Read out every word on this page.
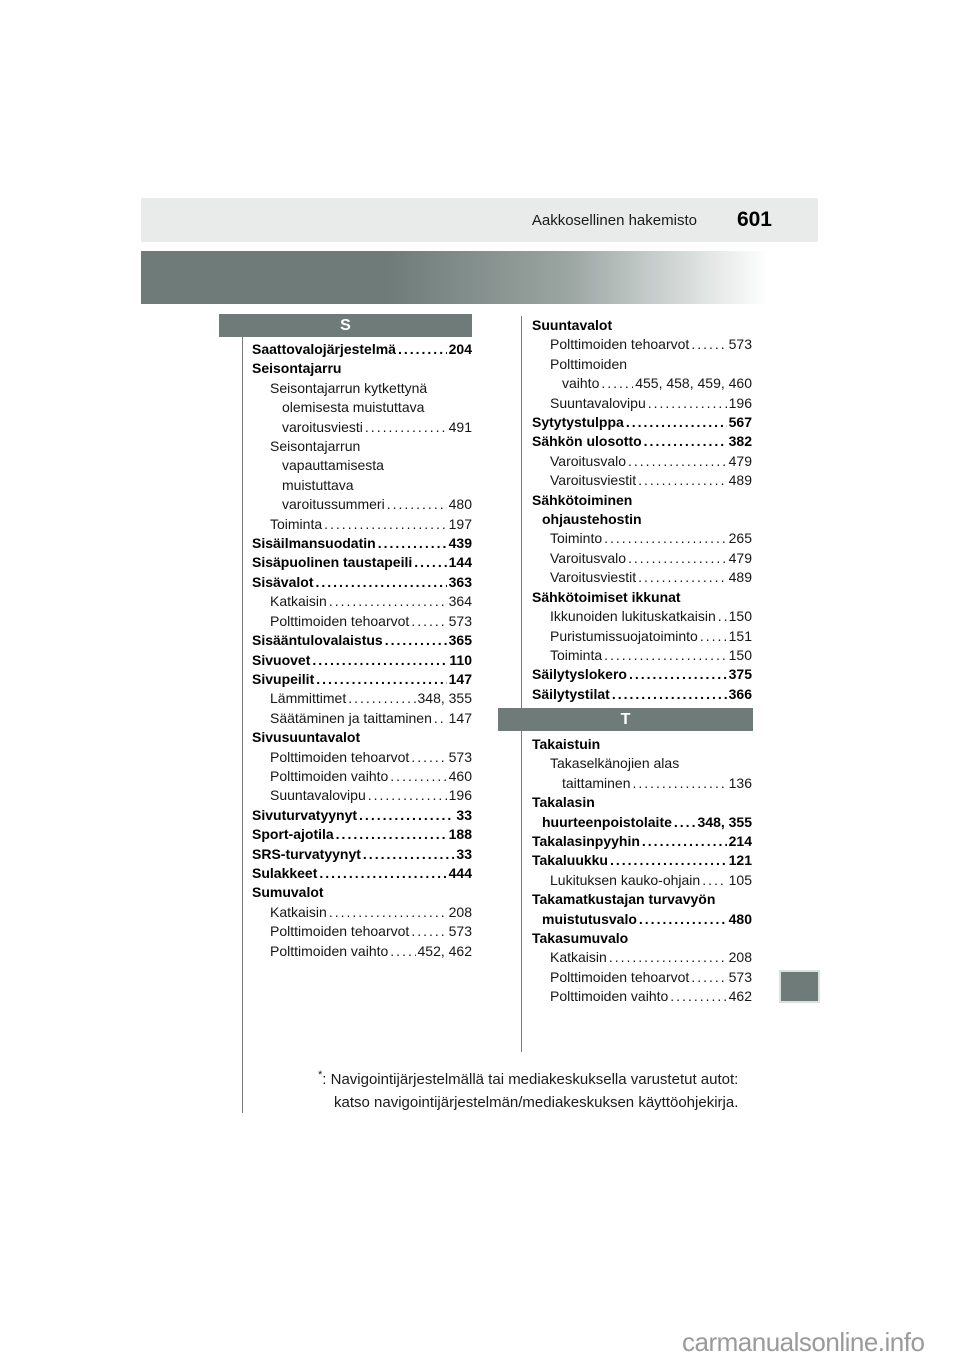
Aakkosellinen hakemisto 601
S
Saattovalojärjestelmä .....	204
Seisontajarru
Seisontajarrun kytkettynä
olemisesta muistuttava
varoitusviesti .....	491
Seisontajarrun
vapauttamisesta
muistuttava
varoitussummeri .....	480
Toiminta .....	197
Sisäilmansuodatin .....	439
Sisäpuolinen taustapeili .....	144
Sisävalot .....	363
Katkaisin .....	364
Polttimoiden tehoarvot .....	573
Sisääntulovalaistus .....	365
Sivuovet .....	110
Sivupeilit .....	147
Lämmittimet .....	348, 355
Säätäminen ja taittaminen ..... 147
Sivusuuntavalot
Polttimoiden tehoarvot .....	573
Polttimoiden vaihto .....	460
Suuntavalovipu .....	196
Sivuturvatyynyt .....	33
Sport-ajotila .....	188
SRS-turvatyynyt .....	33
Sulakkeet .....	444
Sumuvalot
Katkaisin .....	208
Polttimoiden tehoarvot .....	573
Polttimoiden vaihto ..... 452, 462
Suuntavalot
Polttimoiden tehoarvot .....	573
Polttimoiden
vaihto .....	455, 458, 459, 460
Suuntavalovipu .....	196
Sytytystulppa .....	567
Sähkön ulosotto .....	382
Varoitusvalo .....	479
Varoitusviestit .....	489
Sähkötoiminen
ohjaustehostin
Toiminto .....	265
Varoitusvalo .....	479
Varoitusviestit .....	489
Sähkötoimiset ikkunat
Ikkunoiden lukituskatkaisin ..... 150
Puristumissuojatoiminto ..... 151
Toiminta .....	150
Säilytyslokero .....	375
Säilytystilat .....	366
T
Takaistuin
Takaselkänojien alas
taittaminen .....	136
Takalasin
huurteenpoistolaite ..... 348, 355
Takalasinpyyhin .....	214
Takaluukku .....	121
Lukituksen kauko-ohjain ..... 105
Takamatkustajan turvavyön
muistutusvalo .....	480
Takasumuvalo
Katkaisin .....	208
Polttimoiden tehoarvot .....	573
Polttimoiden vaihto .....	462
*: Navigointijärjestelmällä tai mediakeskuksella varustetut autot:
katso navigointijärjestelmän/mediakeskuksen käyttöohjekirja.
carmanualsonline.info
